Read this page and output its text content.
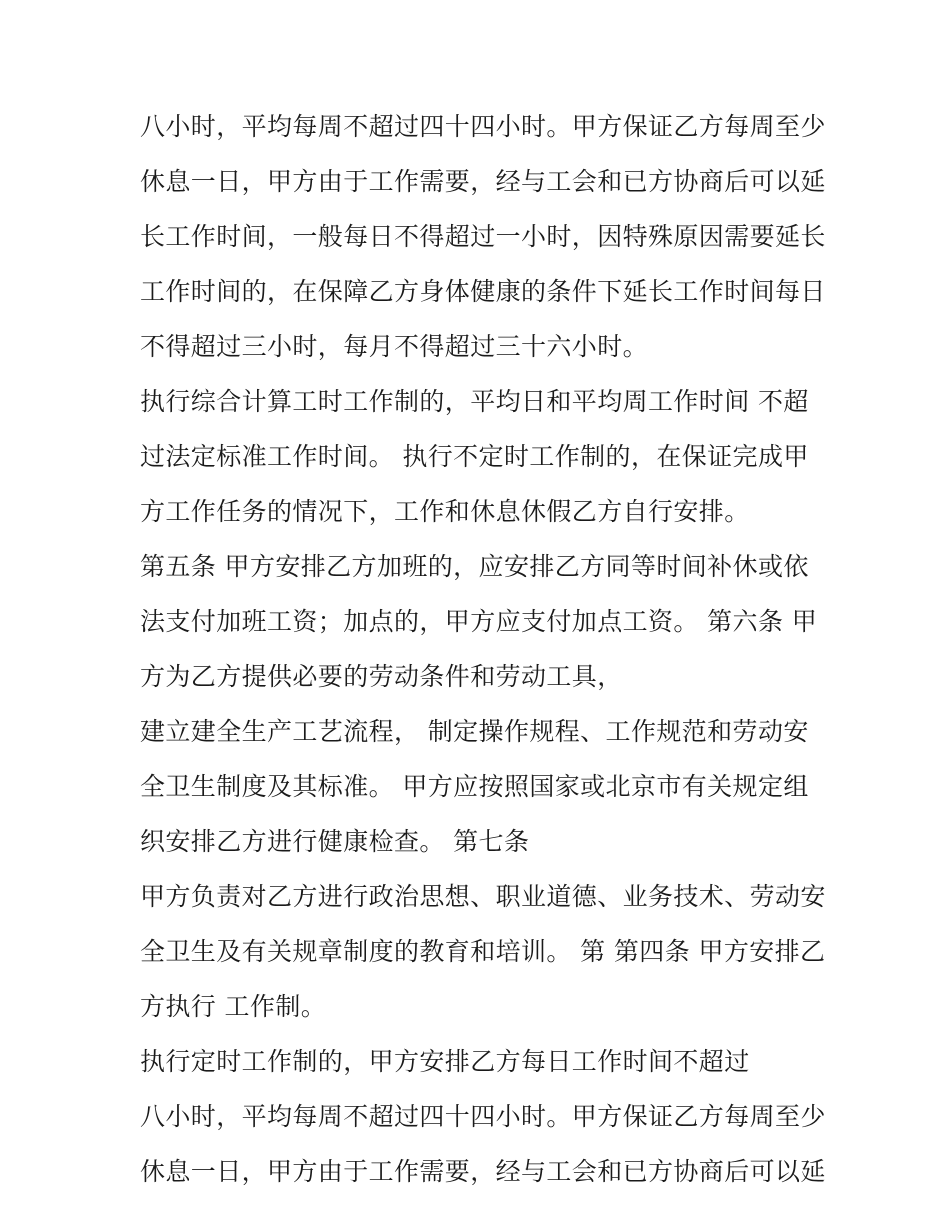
八小时，平均每周不超过四十四小时。甲方保证乙方每周至少
休息一日，甲方由于工作需要，经与工会和已方协商后可以延
长工作时间，一般每日不得超过一小时，因特殊原因需要延长
工作时间的，在保障乙方身体健康的条件下延长工作时间每日
不得超过三小时，每月不得超过三十六小时。
执行综合计算工时工作制的，平均日和平均周工作时间 不超
过法定标准工作时间。 执行不定时工作制的，在保证完成甲
方工作任务的情况下，工作和休息休假乙方自行安排。
第五条 甲方安排乙方加班的，应安排乙方同等时间补休或依
法支付加班工资；加点的，甲方应支付加点工资。 第六条 甲
方为乙方提供必要的劳动条件和劳动工具，
建立建全生产工艺流程， 制定操作规程、工作规范和劳动安
全卫生制度及其标准。 甲方应按照国家或北京市有关规定组
织安排乙方进行健康检查。 第七条
甲方负责对乙方进行政治思想、职业道德、业务技术、劳动安
全卫生及有关规章制度的教育和培训。 第 第四条 甲方安排乙
方执行 工作制。
执行定时工作制的，甲方安排乙方每日工作时间不超过
八小时，平均每周不超过四十四小时。甲方保证乙方每周至少
休息一日，甲方由于工作需要，经与工会和已方协商后可以延
